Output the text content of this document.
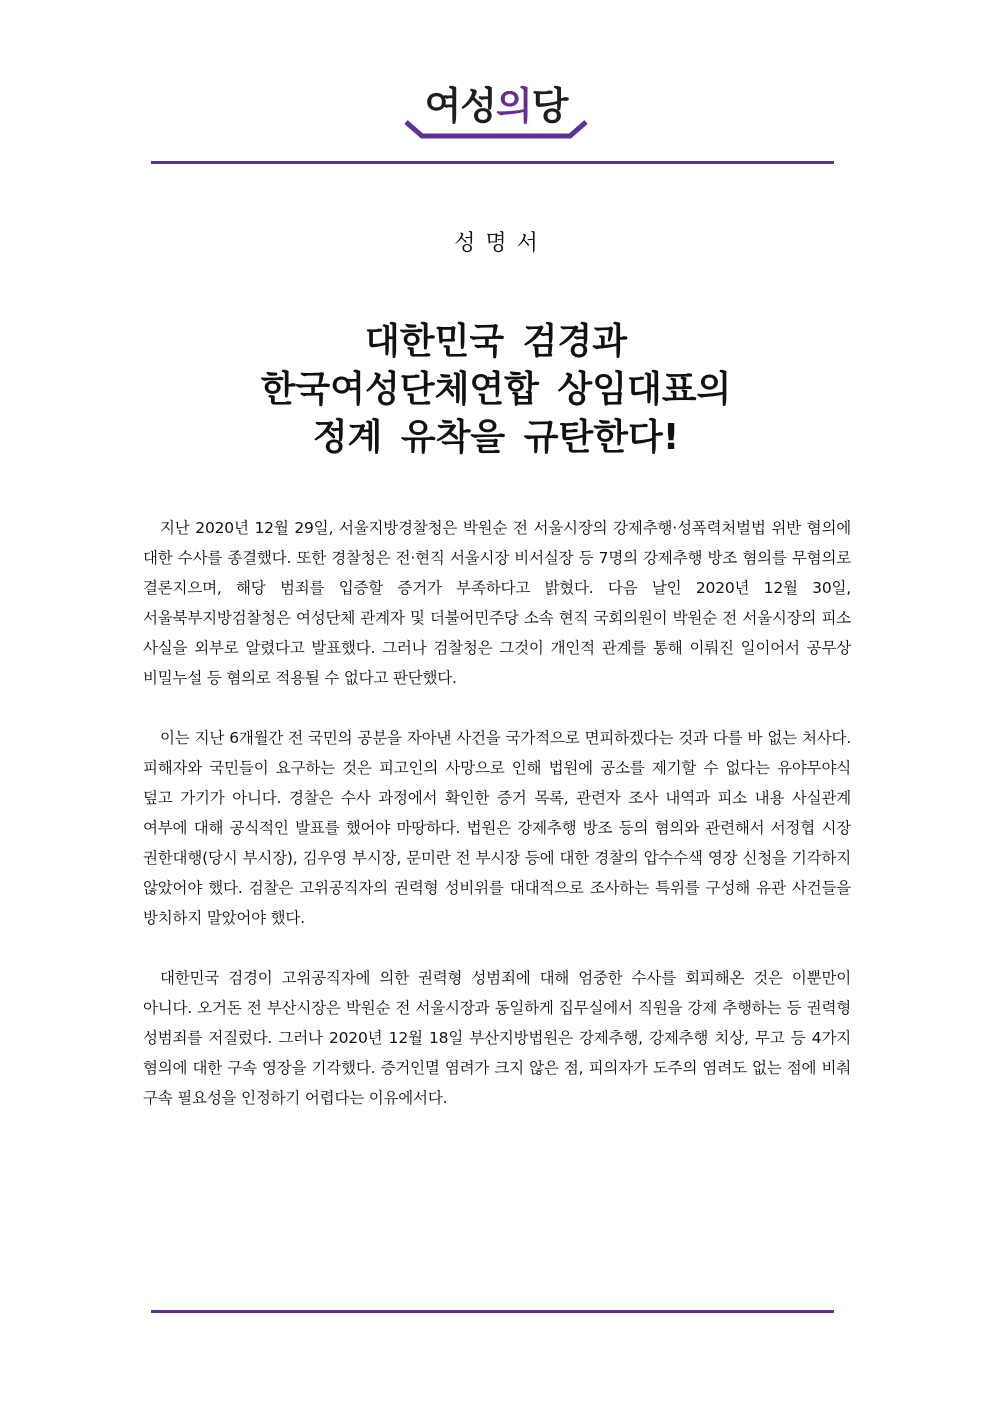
여성의당
성명서
대한민국 검경과
한국여성단체연합 상임대표의
정계 유착을 규탄한다!

지난 2020년 12월 29일, 서울지방경찰청은 박원순 전 서울시장의 강제추행·성폭력처벌법 위반 혐의에 대한 수사를 종결했다. 또한 경찰청은 전·현직 서울시장 비서실장 등 7명의 강제추행 방조 혐의를 무혐의로 결론지으며, 해당 범죄를 입증할 증거가 부족하다고 밝혔다. 다음 날인 2020년 12월 30일, 서울북부지방검찰청은 여성단체 관계자 및 더불어민주당 소속 현직 국회의원이 박원순 전 서울시장의 피소 사실을 외부로 알렸다고 발표했다. 그러나 검찰청은 그것이 개인적 관계를 통해 이뤄진 일이어서 공무상 비밀누설 등 혐의로 적용될 수 없다고 판단했다.

이는 지난 6개월간 전 국민의 공분을 자아낸 사건을 국가적으로 면피하겠다는 것과 다를 바 없는 처사다. 피해자와 국민들이 요구하는 것은 피고인의 사망으로 인해 법원에 공소를 제기할 수 없다는 유야무야식 덮고 가기가 아니다. 경찰은 수사 과정에서 확인한 증거 목록, 관련자 조사 내역과 피소 내용 사실관계 여부에 대해 공식적인 발표를 했어야 마땅하다. 법원은 강제추행 방조 등의 혐의와 관련해서 서정협 시장 권한대행(당시 부시장), 김우영 부시장, 문미란 전 부시장 등에 대한 경찰의 압수수색 영장 신청을 기각하지 않았어야 했다. 검찰은 고위공직자의 권력형 성비위를 대대적으로 조사하는 특위를 구성해 유관 사건들을 방치하지 말았어야 했다.

대한민국 검경이 고위공직자에 의한 권력형 성범죄에 대해 엄중한 수사를 회피해온 것은 이뿐만이 아니다. 오거돈 전 부산시장은 박원순 전 서울시장과 동일하게 집무실에서 직원을 강제 추행하는 등 권력형 성범죄를 저질렀다. 그러나 2020년 12월 18일 부산지방법원은 강제추행, 강제추행 치상, 무고 등 4가지 혐의에 대한 구속 영장을 기각했다. 증거인멸 염려가 크지 않은 점, 피의자가 도주의 염려도 없는 점에 비춰 구속 필요성을 인정하기 어렵다는 이유에서다.
